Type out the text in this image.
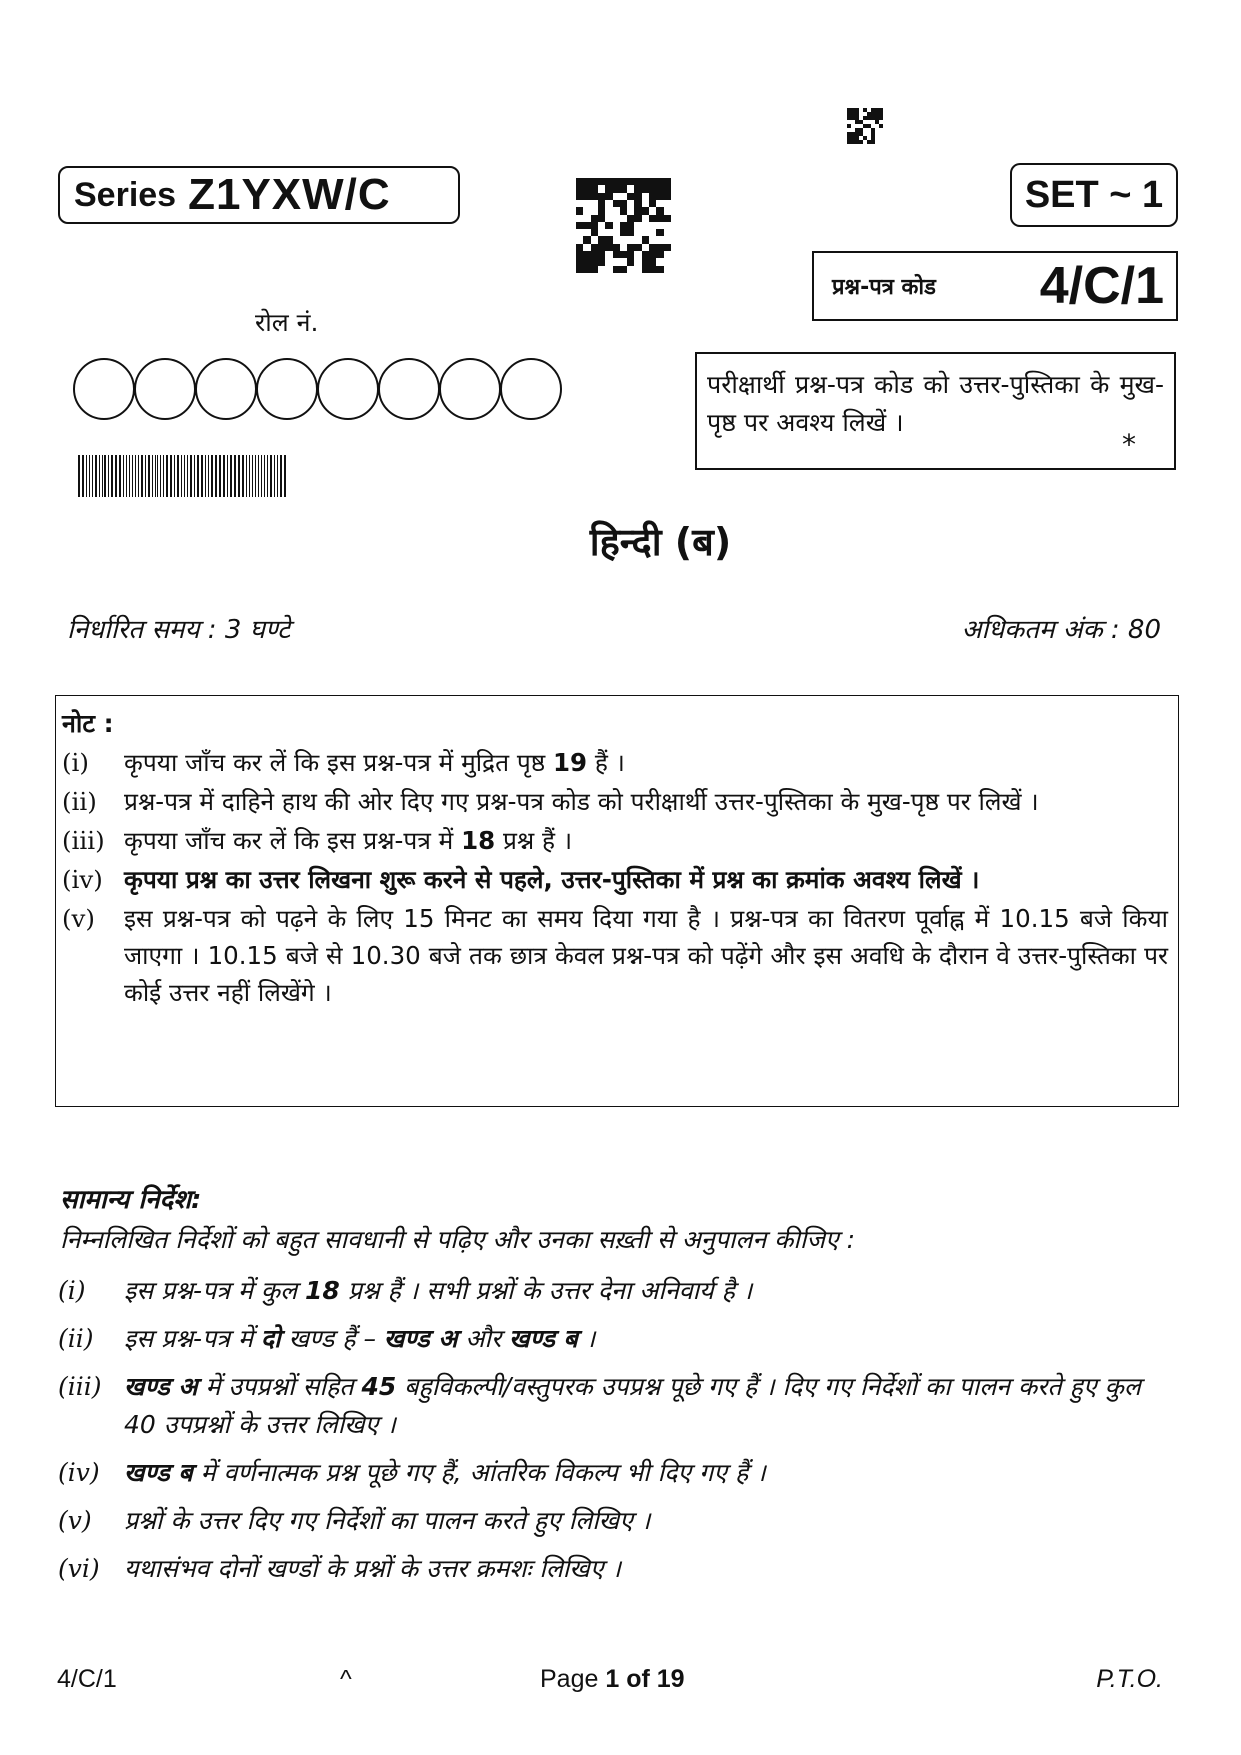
Series Z1YXW/C	SET ~ 1
प्रश्न-पत्र कोड 4/C/1
रोल नं.
परीक्षार्थी प्रश्न-पत्र कोड को उत्तर-पुस्तिका के मुख-पृष्ठ पर अवश्य लिखें ।
*
हिन्दी (ब)
निर्धारित समय : 3 घण्टे	अधिकतम अंक : 80
नोट :
(i)	कृपया जाँच कर लें कि इस प्रश्न-पत्र में मुद्रित पृष्ठ 19 हैं ।
(ii)	प्रश्न-पत्र में दाहिने हाथ की ओर दिए गए प्रश्न-पत्र कोड को परीक्षार्थी उत्तर-पुस्तिका के मुख-पृष्ठ पर लिखें ।
(iii) कृपया जाँच कर लें कि इस प्रश्न-पत्र में 18 प्रश्न हैं ।
(iv) कृपया प्रश्न का उत्तर लिखना शुरू करने से पहले, उत्तर-पुस्तिका में प्रश्न का क्रमांक अवश्य लिखें ।
(v)	इस प्रश्न-पत्र को पढ़ने के लिए 15 मिनट का समय दिया गया है । प्रश्न-पत्र का वितरण पूर्वाह्न में 10.15 बजे किया जाएगा । 10.15 बजे से 10.30 बजे तक छात्र केवल प्रश्न-पत्र को पढ़ेंगे और इस अवधि के दौरान वे उत्तर-पुस्तिका पर कोई उत्तर नहीं लिखेंगे ।
सामान्य निर्देश:
निम्नलिखित निर्देशों को बहुत सावधानी से पढ़िए और उनका सख़्ती से अनुपालन कीजिए :
(i)	इस प्रश्न-पत्र में कुल 18 प्रश्न हैं । सभी प्रश्नों के उत्तर देना अनिवार्य है ।
(ii)	इस प्रश्न-पत्र में दो खण्ड हैं – खण्ड अ और खण्ड ब ।
(iii) खण्ड अ में उपप्रश्नों सहित 45 बहुविकल्पी/वस्तुपरक उपप्रश्न पूछे गए हैं । दिए गए निर्देशों का पालन करते हुए कुल 40 उपप्रश्नों के उत्तर लिखिए ।
(iv) खण्ड ब में वर्णनात्मक प्रश्न पूछे गए हैं, आंतरिक विकल्प भी दिए गए हैं ।
(v)	प्रश्नों के उत्तर दिए गए निर्देशों का पालन करते हुए लिखिए ।
(vi) यथासंभव दोनों खण्डों के प्रश्नों के उत्तर क्रमशः लिखिए ।
4/C/1	^	Page 1 of 19	P.T.O.
